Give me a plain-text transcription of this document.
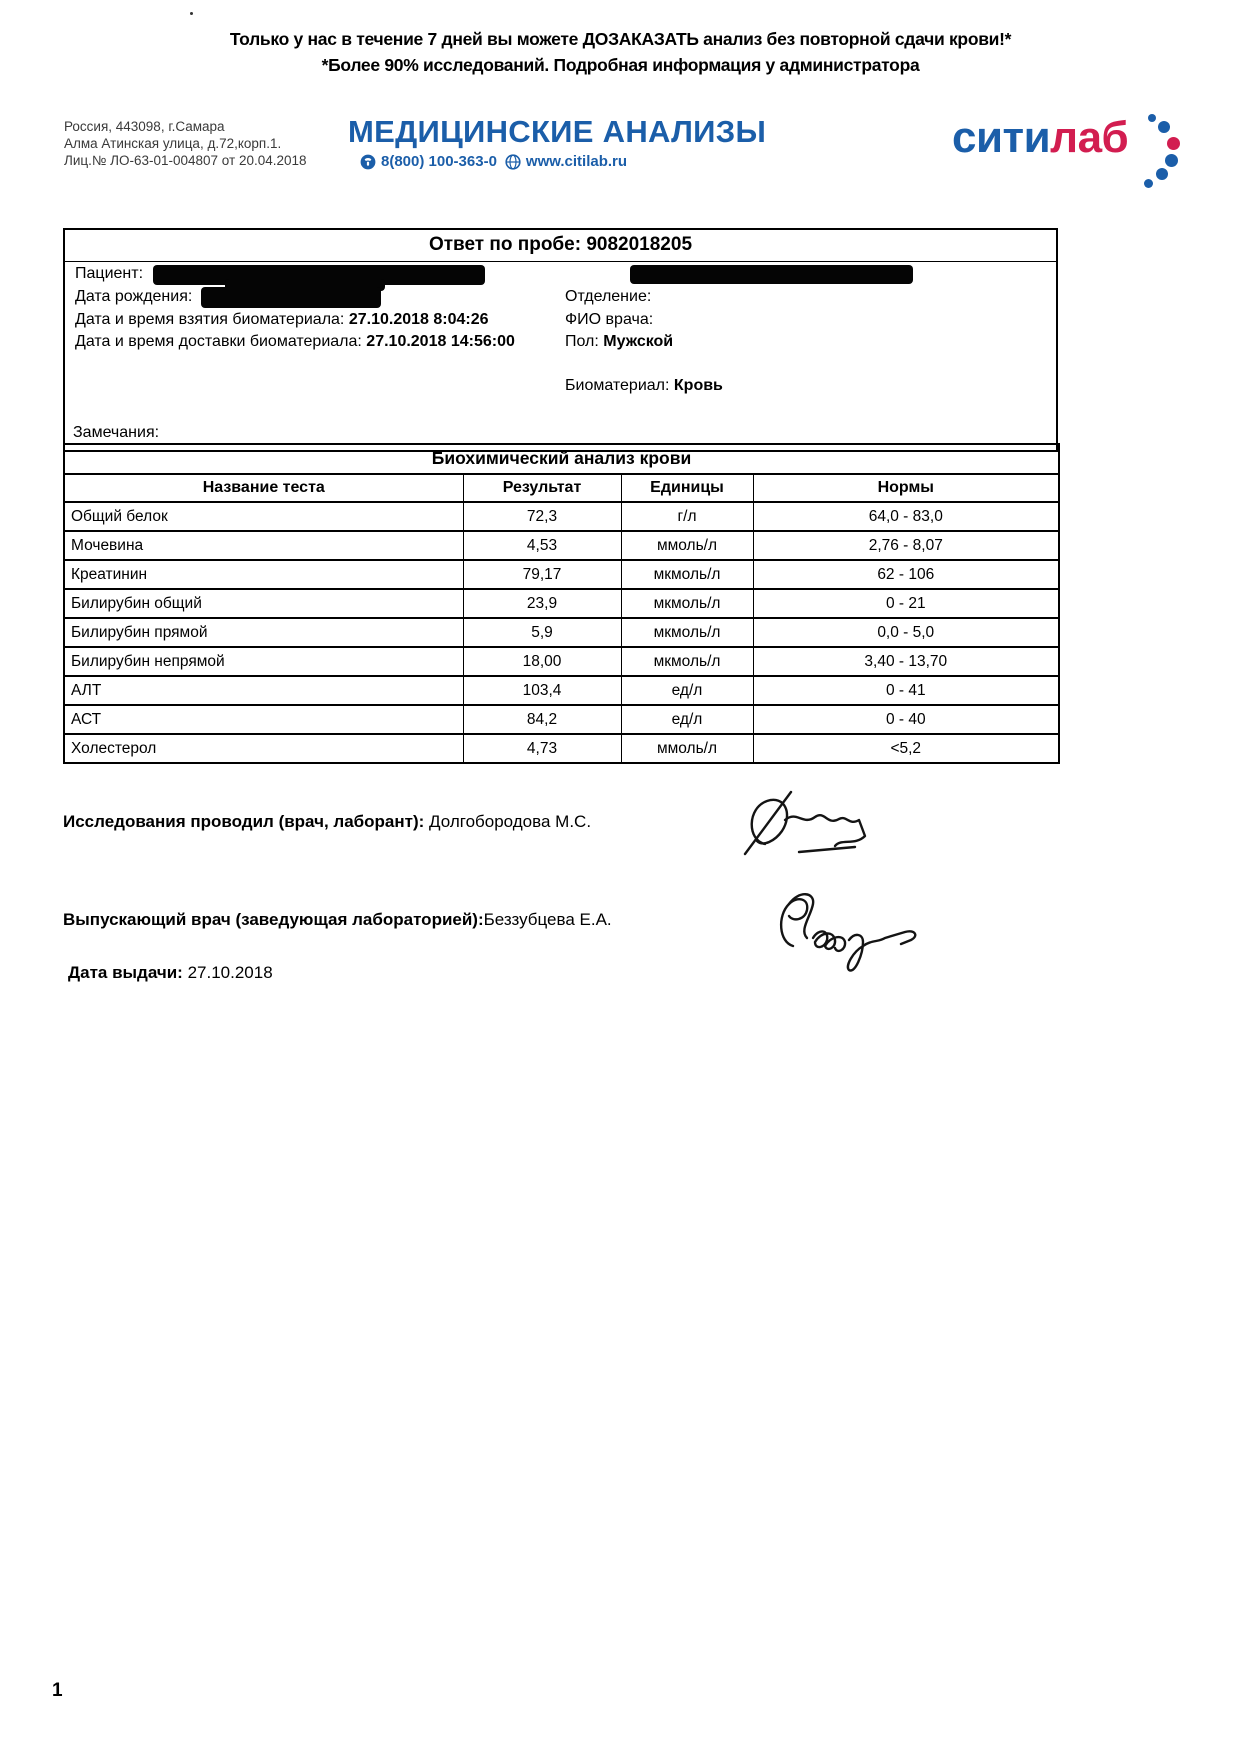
Только у нас в течение 7 дней вы можете ДОЗАКАЗАТЬ анализ без повторной сдачи крови!*
*Более 90% исследований. Подробная информация у администратора
Россия, 443098, г.Самара
Алма Атинская улица, д.72,корп.1.
Лиц.№ ЛО-63-01-004807 от 20.04.2018
МЕДИЦИНСКИЕ АНАЛИЗЫ
8(800) 100-363-0 www.citilab.ru	ситилаб
Ответ по пробе: 9082018205
Пациент:
Дата рождения:	Отделение:
Дата и время взятия биоматериала: 27.10.2018 8:04:26	ФИО врача:
Дата и время доставки биоматериала: 27.10.2018 14:56:00	Пол: Мужской
Биоматериал: Кровь
Замечания:
Биохимический анализ крови			
Название теста	Результат	Единицы	Нормы
Общий белок	72,3	г/л	64,0 - 83,0
Мочевина	4,53	ммоль/л	2,76 - 8,07
Креатинин	79,17	мкмоль/л	62 - 106
Билирубин общий	23,9	мкмоль/л	0 - 21
Билирубин прямой	5,9	мкмоль/л	0,0 - 5,0
Билирубин непрямой	18,00	мкмоль/л	3,40 - 13,70
АЛТ	103,4	ед/л	0 - 41
АСТ	84,2	ед/л	0 - 40
Холестерол	4,73	ммоль/л	<5,2
Исследования проводил (врач, лаборант): Долгобородова М.С.
Выпускающий врач (заведующая лабораторией):Беззубцева Е.А.
Дата выдачи: 27.10.2018
1
